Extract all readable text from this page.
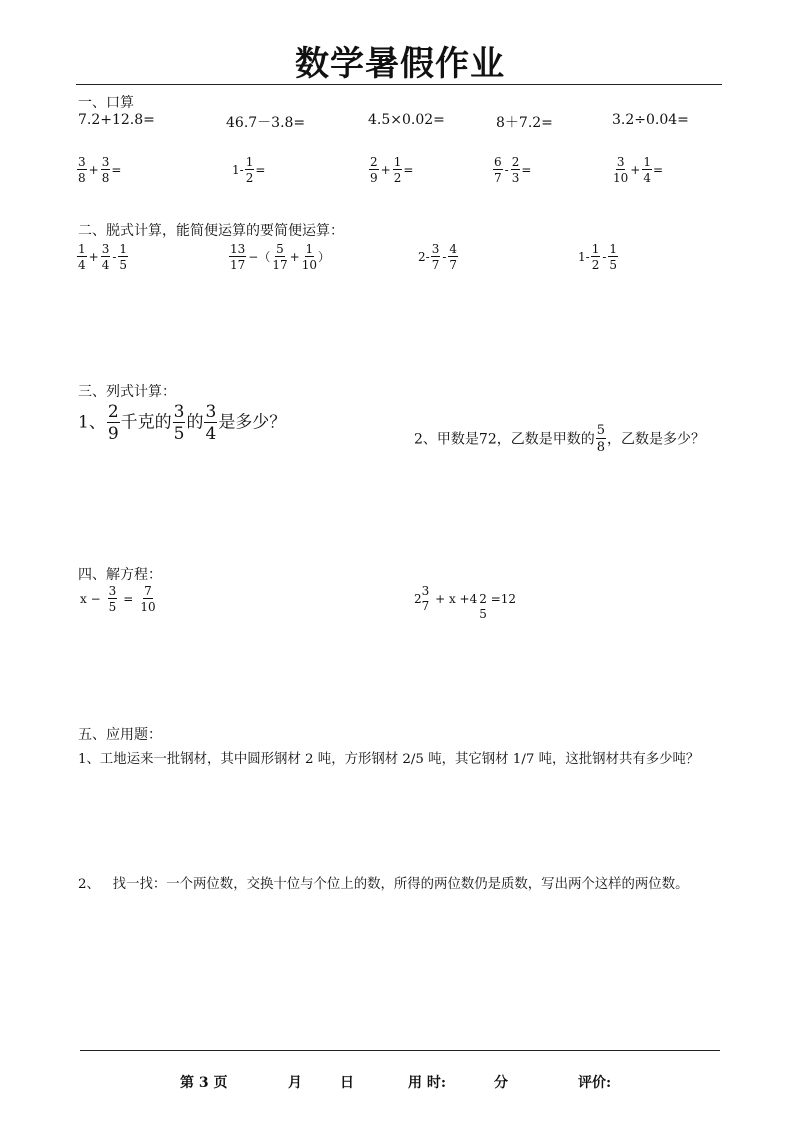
数学暑假作业
一、口算
7.2+12.8=	46.7－3.8=	4.5×0.02=	8＋7.2=	3.2÷0.04=
$\frac{3}{8} + \frac{3}{8}$ =	$1- \frac{1}{2}$ =	$\frac{2}{9} + \frac{1}{2}$ =	$\frac{6}{7} - \frac{2}{3}$ =	$\frac{3}{10} + \frac{1}{4}$ =
二、脱式计算，能简便运算的要简便运算：
$\frac{1}{4} + \frac{3}{4} - \frac{1}{5}$	$\frac{13}{17}$ −（ $\frac{5}{17} + \frac{1}{10}$ ）	$2- \frac{3}{7} - \frac{4}{7}$	$1- \frac{1}{2} - \frac{1}{5}$
三、列式计算：
1、 $\frac{2}{9}$ 千克的 $\frac{3}{5}$ 的 $\frac{3}{4}$ 是多少？
2、甲数是72，乙数是甲数的 $\frac{5}{8}$ ，乙数是多少？
四、解方程：
$x - \frac{3}{5} = \frac{7}{10}$	2
3
7 + x +4 2
5
=12
五、应用题：
1、工地运来一批钢材，其中圆形钢材 2 吨，方形钢材 2/5 吨，其它钢材 1/7 吨，这批钢材共有多少吨？
2、   找一找：一个两位数，交换十位与个位上的数，所得的两位数仍是质数，写出两个这样的两位数。
第 3 页	月	日	用 时:	分	评价:
